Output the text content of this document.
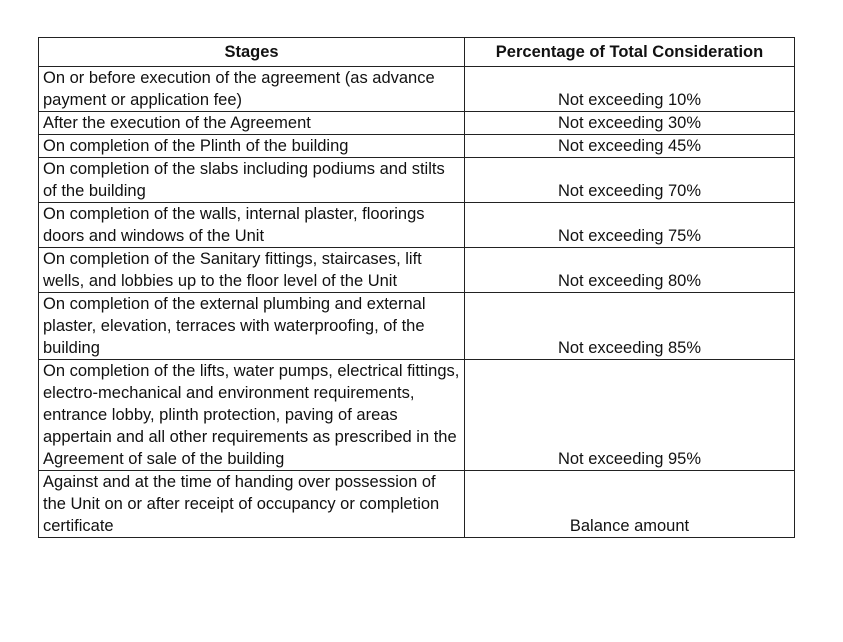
Stages	Percentage of Total Consideration
On or before execution of the agreement (as advance payment or application fee)	Not exceeding 10%
After the execution of the Agreement	Not exceeding 30%
On completion of the Plinth of the building	Not exceeding 45%
On completion of the slabs including podiums and stilts of the building	Not exceeding 70%
On completion of the walls, internal plaster, floorings doors and windows of the Unit	Not exceeding 75%
On completion of the Sanitary fittings, staircases, lift wells, and lobbies up to the floor level of the Unit	Not exceeding 80%
On completion of the external plumbing and external plaster, elevation, terraces with waterproofing, of the building	Not exceeding 85%
On completion of the lifts, water pumps, electrical fittings, electro-mechanical and environment requirements, entrance lobby, plinth protection, paving of areas appertain and all other requirements as prescribed in the Agreement of sale of the building	Not exceeding 95%
Against and at the time of handing over possession of the Unit on or after receipt of occupancy or completion certificate	Balance amount
